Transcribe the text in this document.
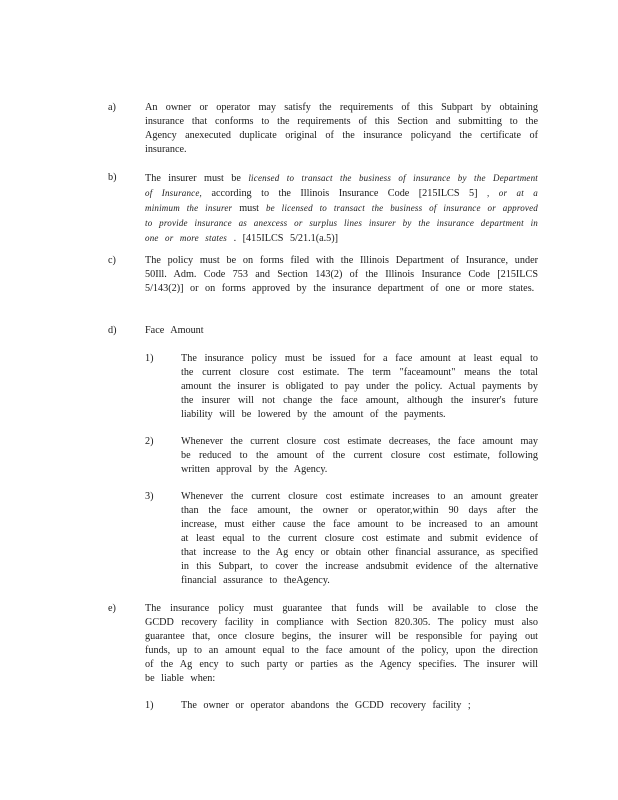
a)	An owner or operator may satisfy the requirements of this Subpart by obtaining insurance that conforms to the requirements of this Section and submitting to the Agency anexecuted duplicate original of the insurance policyand the certificate of insurance.

b)	The insurer must be licensed to transact the business of insurance by the Department of Insurance, according to the Illinois Insurance Code [215ILCS 5] , or at a minimum the insurer must be licensed to transact the business of insurance or approved to provide insurance as anexcess or surplus lines insurer by the insurance department in one or more states . [415ILCS 5/21.1(a.5)]

c)	The policy must be on forms filed with the Illinois Department of Insurance, under 50Ill. Adm. Code 753 and Section 143(2) of the Illinois Insurance Code [215ILCS 5/143(2)] or on forms approved by the insurance department of one or more states.

d)	Face Amount
1)	The insurance policy must be issued for a face amount at least equal to the current closure cost estimate. The term "faceamount" means the total amount the insurer is obligated to pay under the policy. Actual payments by the insurer will not change the face amount, although the insurer's future liability will be lowered by the amount of the payments.

2)	Whenever the current closure cost estimate decreases, the face amount may be reduced to the amount of the current closure cost estimate, following written approval by the Agency.

3)	Whenever the current closure cost estimate increases to an amount greater than the face amount, the owner or operator,within 90 days after the increase, must either cause the face amount to be increased to an amount at least equal to the current closure cost estimate and submit evidence of that increase to the Ag ency or obtain other financial assurance, as specified in this Subpart, to cover the increase andsubmit evidence of the alternative financial assurance to theAgency.

e)	The insurance policy must guarantee that funds will be available to close the GCDD recovery facility in compliance with Section 820.305. The policy must also guarantee that, once closure begins, the insurer will be responsible for paying out funds, up to an amount equal to the face amount of the policy, upon the direction of the Ag ency to such party or parties as the Agency specifies. The insurer will be liable when:

1)	The owner or operator abandons the GCDD recovery facility ;
